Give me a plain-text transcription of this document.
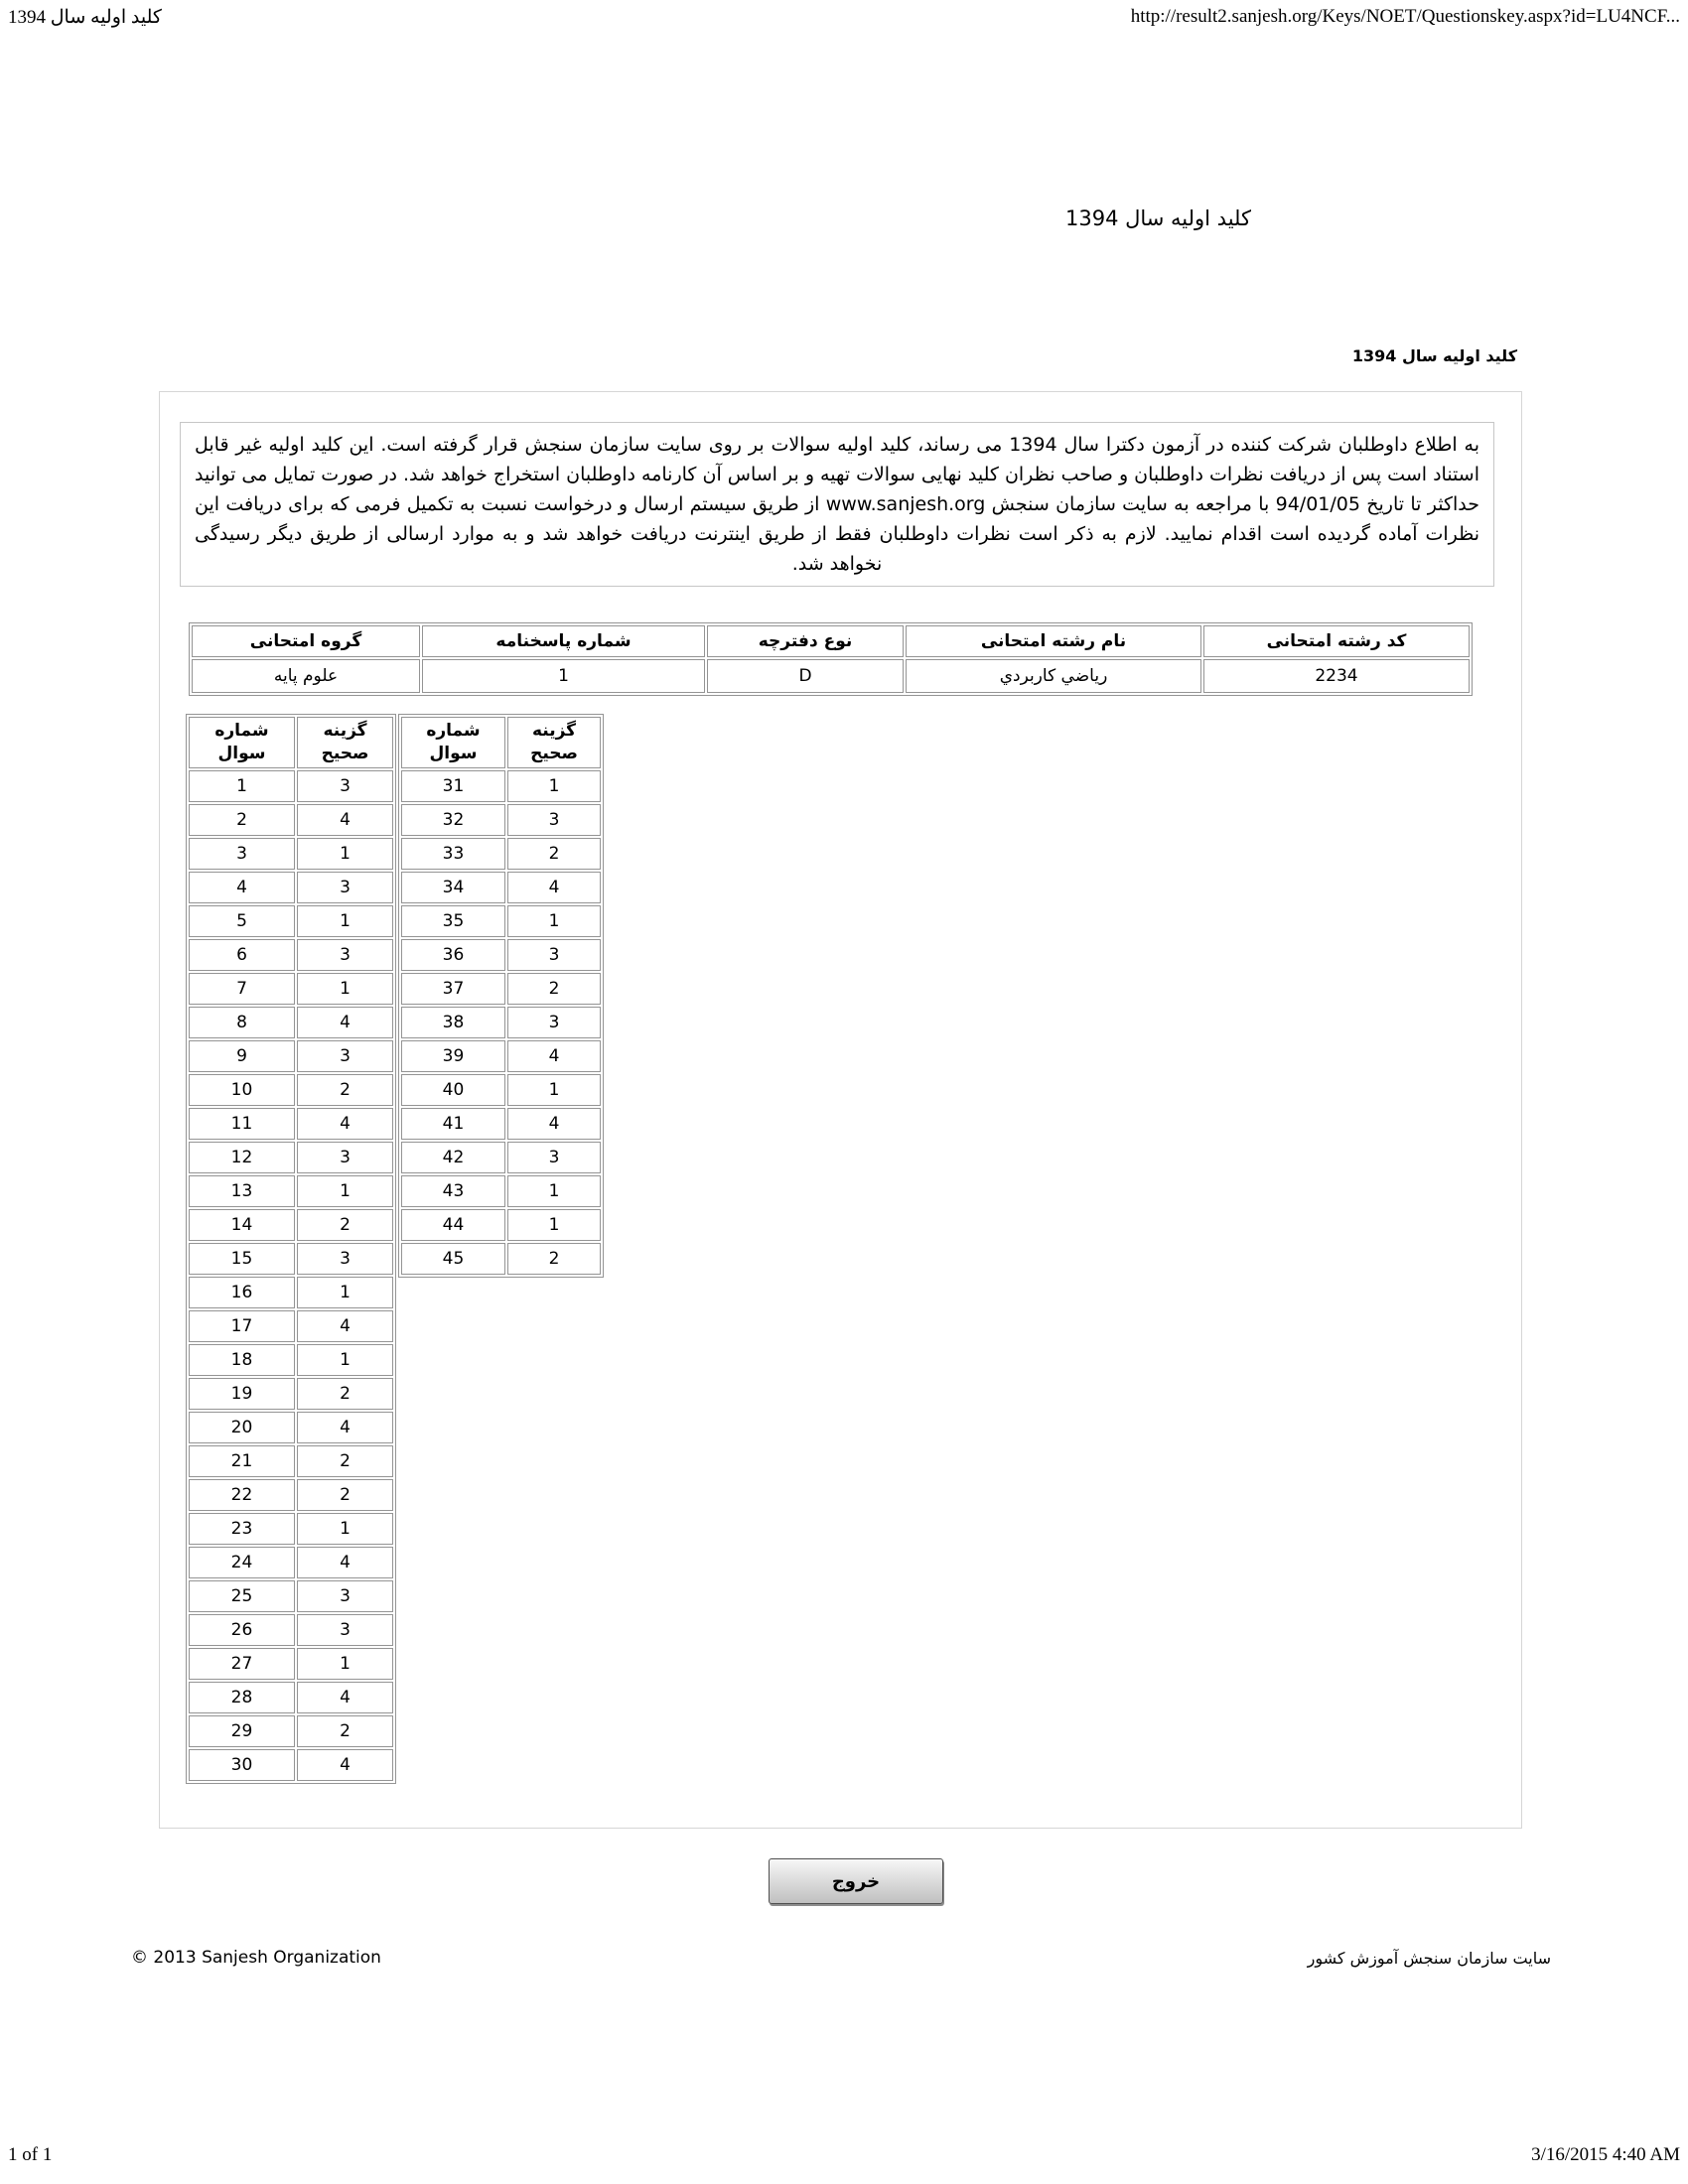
کلید اولیه سال 1394	http://result2.sanjesh.org/Keys/NOET/Questionskey.aspx?id=LU4NCF...
کلید اولیه سال 1394
کلید اولیه سال 1394
به اطلاع داوطلبان شرکت کننده در آزمون دکترا سال 1394 می رساند، کلید اولیه سوالات بر روی سایت سازمان سنجش قرار گرفته است. این کلید اولیه غیر قابل استناد است پس از دریافت نظرات داوطلبان و صاحب نظران کلید نهایی سوالات تهیه و بر اساس آن کارنامه داوطلبان استخراج خواهد شد. در صورت تمایل می توانید حداکثر تا تاریخ 94/01/05 با مراجعه به سایت سازمان سنجش www.sanjesh.org از طریق سیستم ارسال و درخواست نسبت به تکمیل فرمی که برای دریافت این نظرات آماده گردیده است اقدام نمایید. لازم به ذکر است نظرات داوطلبان فقط از طریق اینترنت دریافت خواهد شد و به موارد ارسالی از طریق دیگر رسیدگی نخواهد شد.
کد رشته امتحانی	نام رشته امتحانی	نوع دفترچه	شماره پاسخنامه	گروه امتحانی
2234	ریاضي کاربردي	D	1	علوم پایه
شماره سوال	گزینه صحیح
1	3
2	4
3	1
4	3
5	1
6	3
7	1
8	4
9	3
10	2
11	4
12	3
13	1
14	2
15	3
16	1
17	4
18	1
19	2
20	4
21	2
22	2
23	1
24	4
25	3
26	3
27	1
28	4
29	2
30	4
شماره سوال	گزینه صحیح
31	1
32	3
33	2
34	4
35	1
36	3
37	2
38	3
39	4
40	1
41	4
42	3
43	1
44	1
45	2
خروج
© 2013 Sanjesh Organization	سایت سازمان سنجش آموزش کشور
1 of 1	3/16/2015 4:40 AM
